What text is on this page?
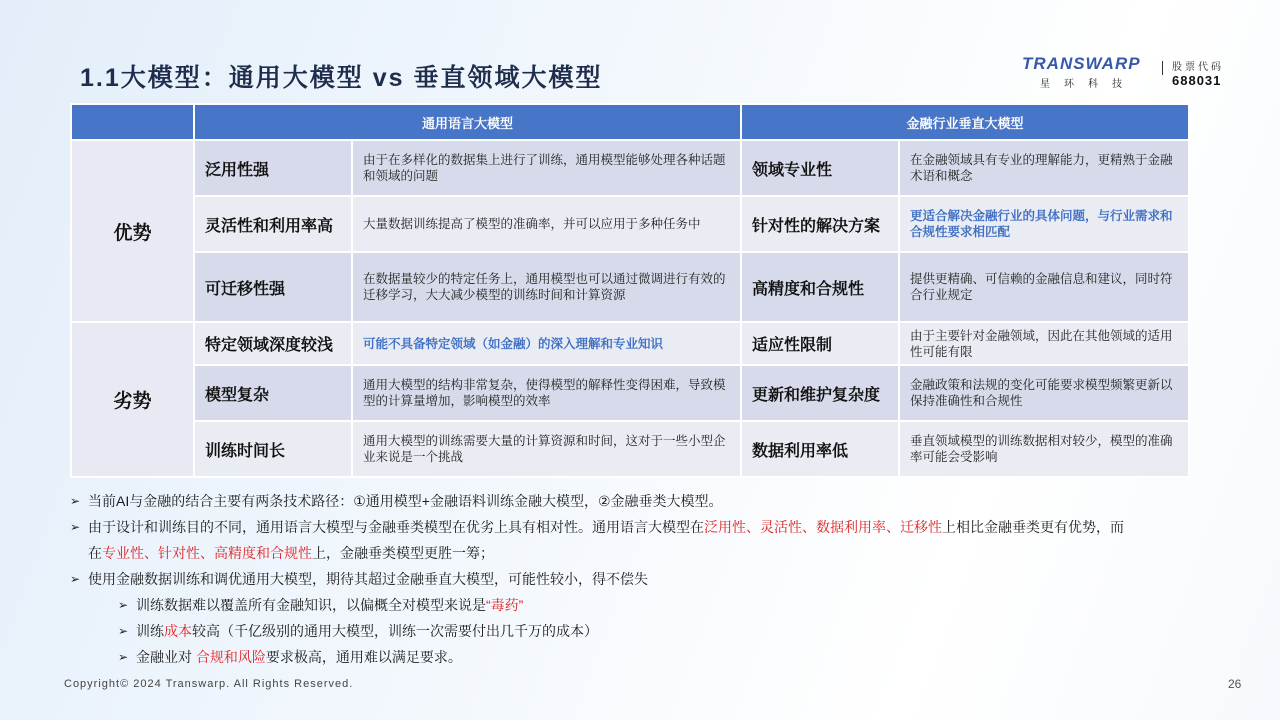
1.1大模型：通用大模型 vs 垂直领域大模型
TRANSWARP
星环科技
股票代码
688031
	通用语言大模型		金融行业垂直大模型	
优势	泛用性强	由于在多样化的数据集上进行了训练，通用模型能够处理各种话题和领域的问题	领域专业性	在金融领域具有专业的理解能力，更精熟于金融术语和概念
	灵活性和利用率高	大量数据训练提高了模型的准确率，并可以应用于多种任务中	针对性的解决方案	更适合解决金融行业的具体问题，与行业需求和合规性要求相匹配
	可迁移性强	在数据量较少的特定任务上，通用模型也可以通过微调进行有效的迁移学习，大大减少模型的训练时间和计算资源	高精度和合规性	提供更精确、可信赖的金融信息和建议，同时符合行业规定
劣势	特定领域深度较浅	可能不具备特定领域（如金融）的深入理解和专业知识	适应性限制	由于主要针对金融领域，因此在其他领域的适用性可能有限
	模型复杂	通用大模型的结构非常复杂，使得模型的解释性变得困难，导致模型的计算量增加，影响模型的效率	更新和维护复杂度	金融政策和法规的变化可能要求模型频繁更新以保持准确性和合规性
	训练时间长	通用大模型的训练需要大量的计算资源和时间，这对于一些小型企业来说是一个挑战	数据利用率低	垂直领域模型的训练数据相对较少，模型的准确率可能会受影响
➢ 当前AI与金融的结合主要有两条技术路径：①通用模型+金融语料训练金融大模型，②金融垂类大模型。
➢ 由于设计和训练目的不同，通用语言大模型与金融垂类模型在优劣上具有相对性。通用语言大模型在泛用性、灵活性、数据利用率、迁移性上相比金融垂类更有优势，而
在专业性、针对性、高精度和合规性上，金融垂类模型更胜一筹；
➢ 使用金融数据训练和调优通用大模型，期待其超过金融垂直大模型，可能性较小，得不偿失
➢ 训练数据难以覆盖所有金融知识，以偏概全对模型来说是“毒药”
➢ 训练成本较高（千亿级别的通用大模型，训练一次需要付出几千万的成本）
➢ 金融业对 合规和风险要求极高，通用难以满足要求。
Copyright© 2024 Transwarp. All Rights Reserved.	26
